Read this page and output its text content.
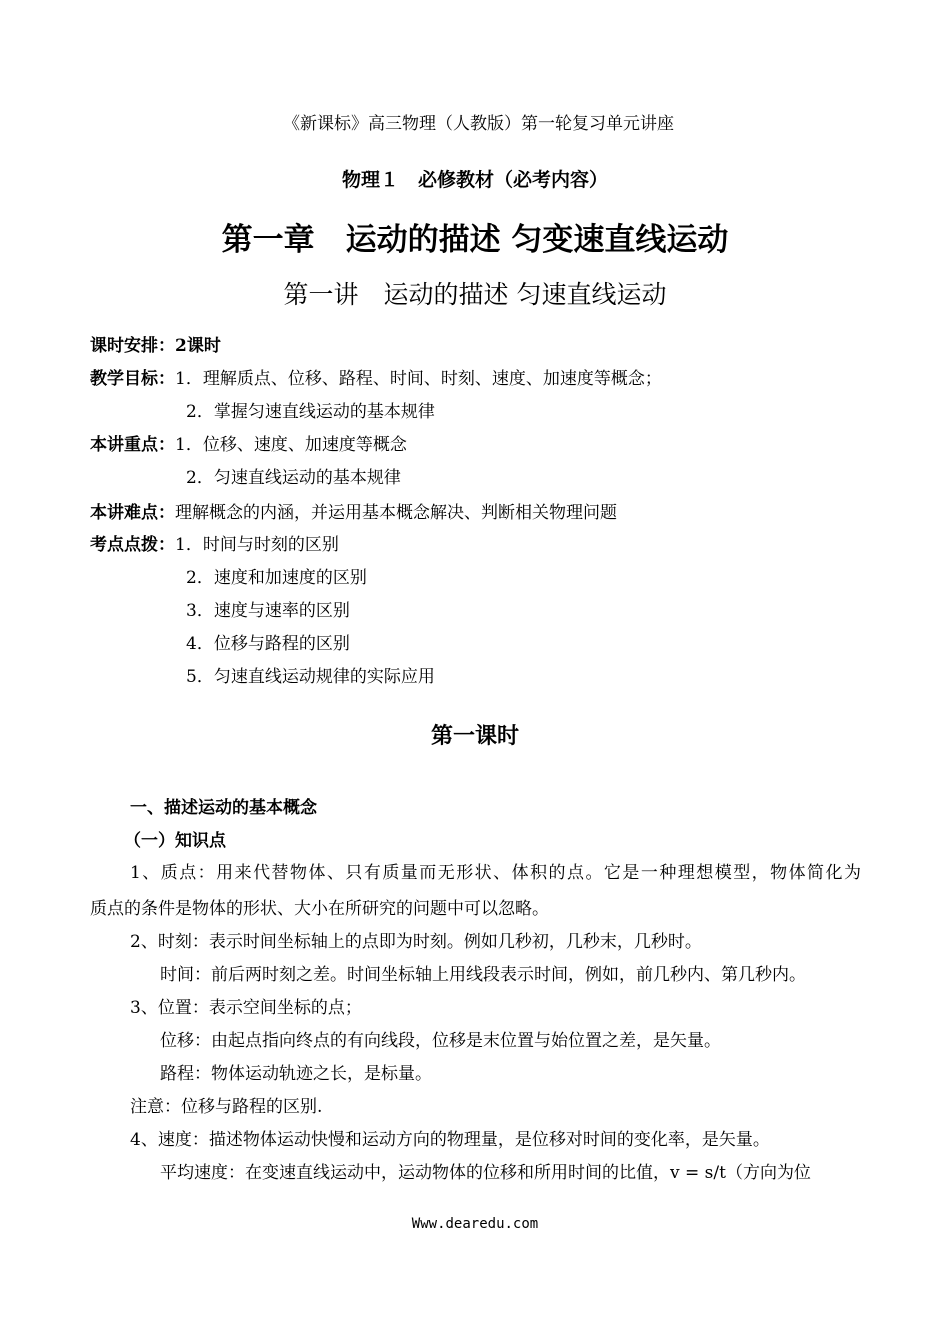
《新课标》高三物理（人教版）第一轮复习单元讲座
物理１　必修教材（必考内容）
第一章　运动的描述 匀变速直线运动
第一讲　运动的描述 匀速直线运动
课时安排：2课时
教学目标：1．理解质点、位移、路程、时间、时刻、速度、加速度等概念；
2．掌握匀速直线运动的基本规律
本讲重点：1．位移、速度、加速度等概念
2．匀速直线运动的基本规律
本讲难点：理解概念的内涵，并运用基本概念解决、判断相关物理问题
考点点拨：1．时间与时刻的区别
2．速度和加速度的区别
3．速度与速率的区别
4．位移与路程的区别
5．匀速直线运动规律的实际应用
第一课时
一、描述运动的基本概念
（一）知识点
1、质点：用来代替物体、只有质量而无形状、体积的点。它是一种理想模型，物体简化为
质点的条件是物体的形状、大小在所研究的问题中可以忽略。
2、时刻：表示时间坐标轴上的点即为时刻。例如几秒初，几秒末，几秒时。
时间：前后两时刻之差。时间坐标轴上用线段表示时间，例如，前几秒内、第几秒内。
3、位置：表示空间坐标的点；
位移：由起点指向终点的有向线段，位移是末位置与始位置之差，是矢量。
路程：物体运动轨迹之长，是标量。
注意：位移与路程的区别.
4、速度：描述物体运动快慢和运动方向的物理量，是位移对时间的变化率，是矢量。
平均速度：在变速直线运动中，运动物体的位移和所用时间的比值，v = s/t（方向为位
Www.dearedu.com
